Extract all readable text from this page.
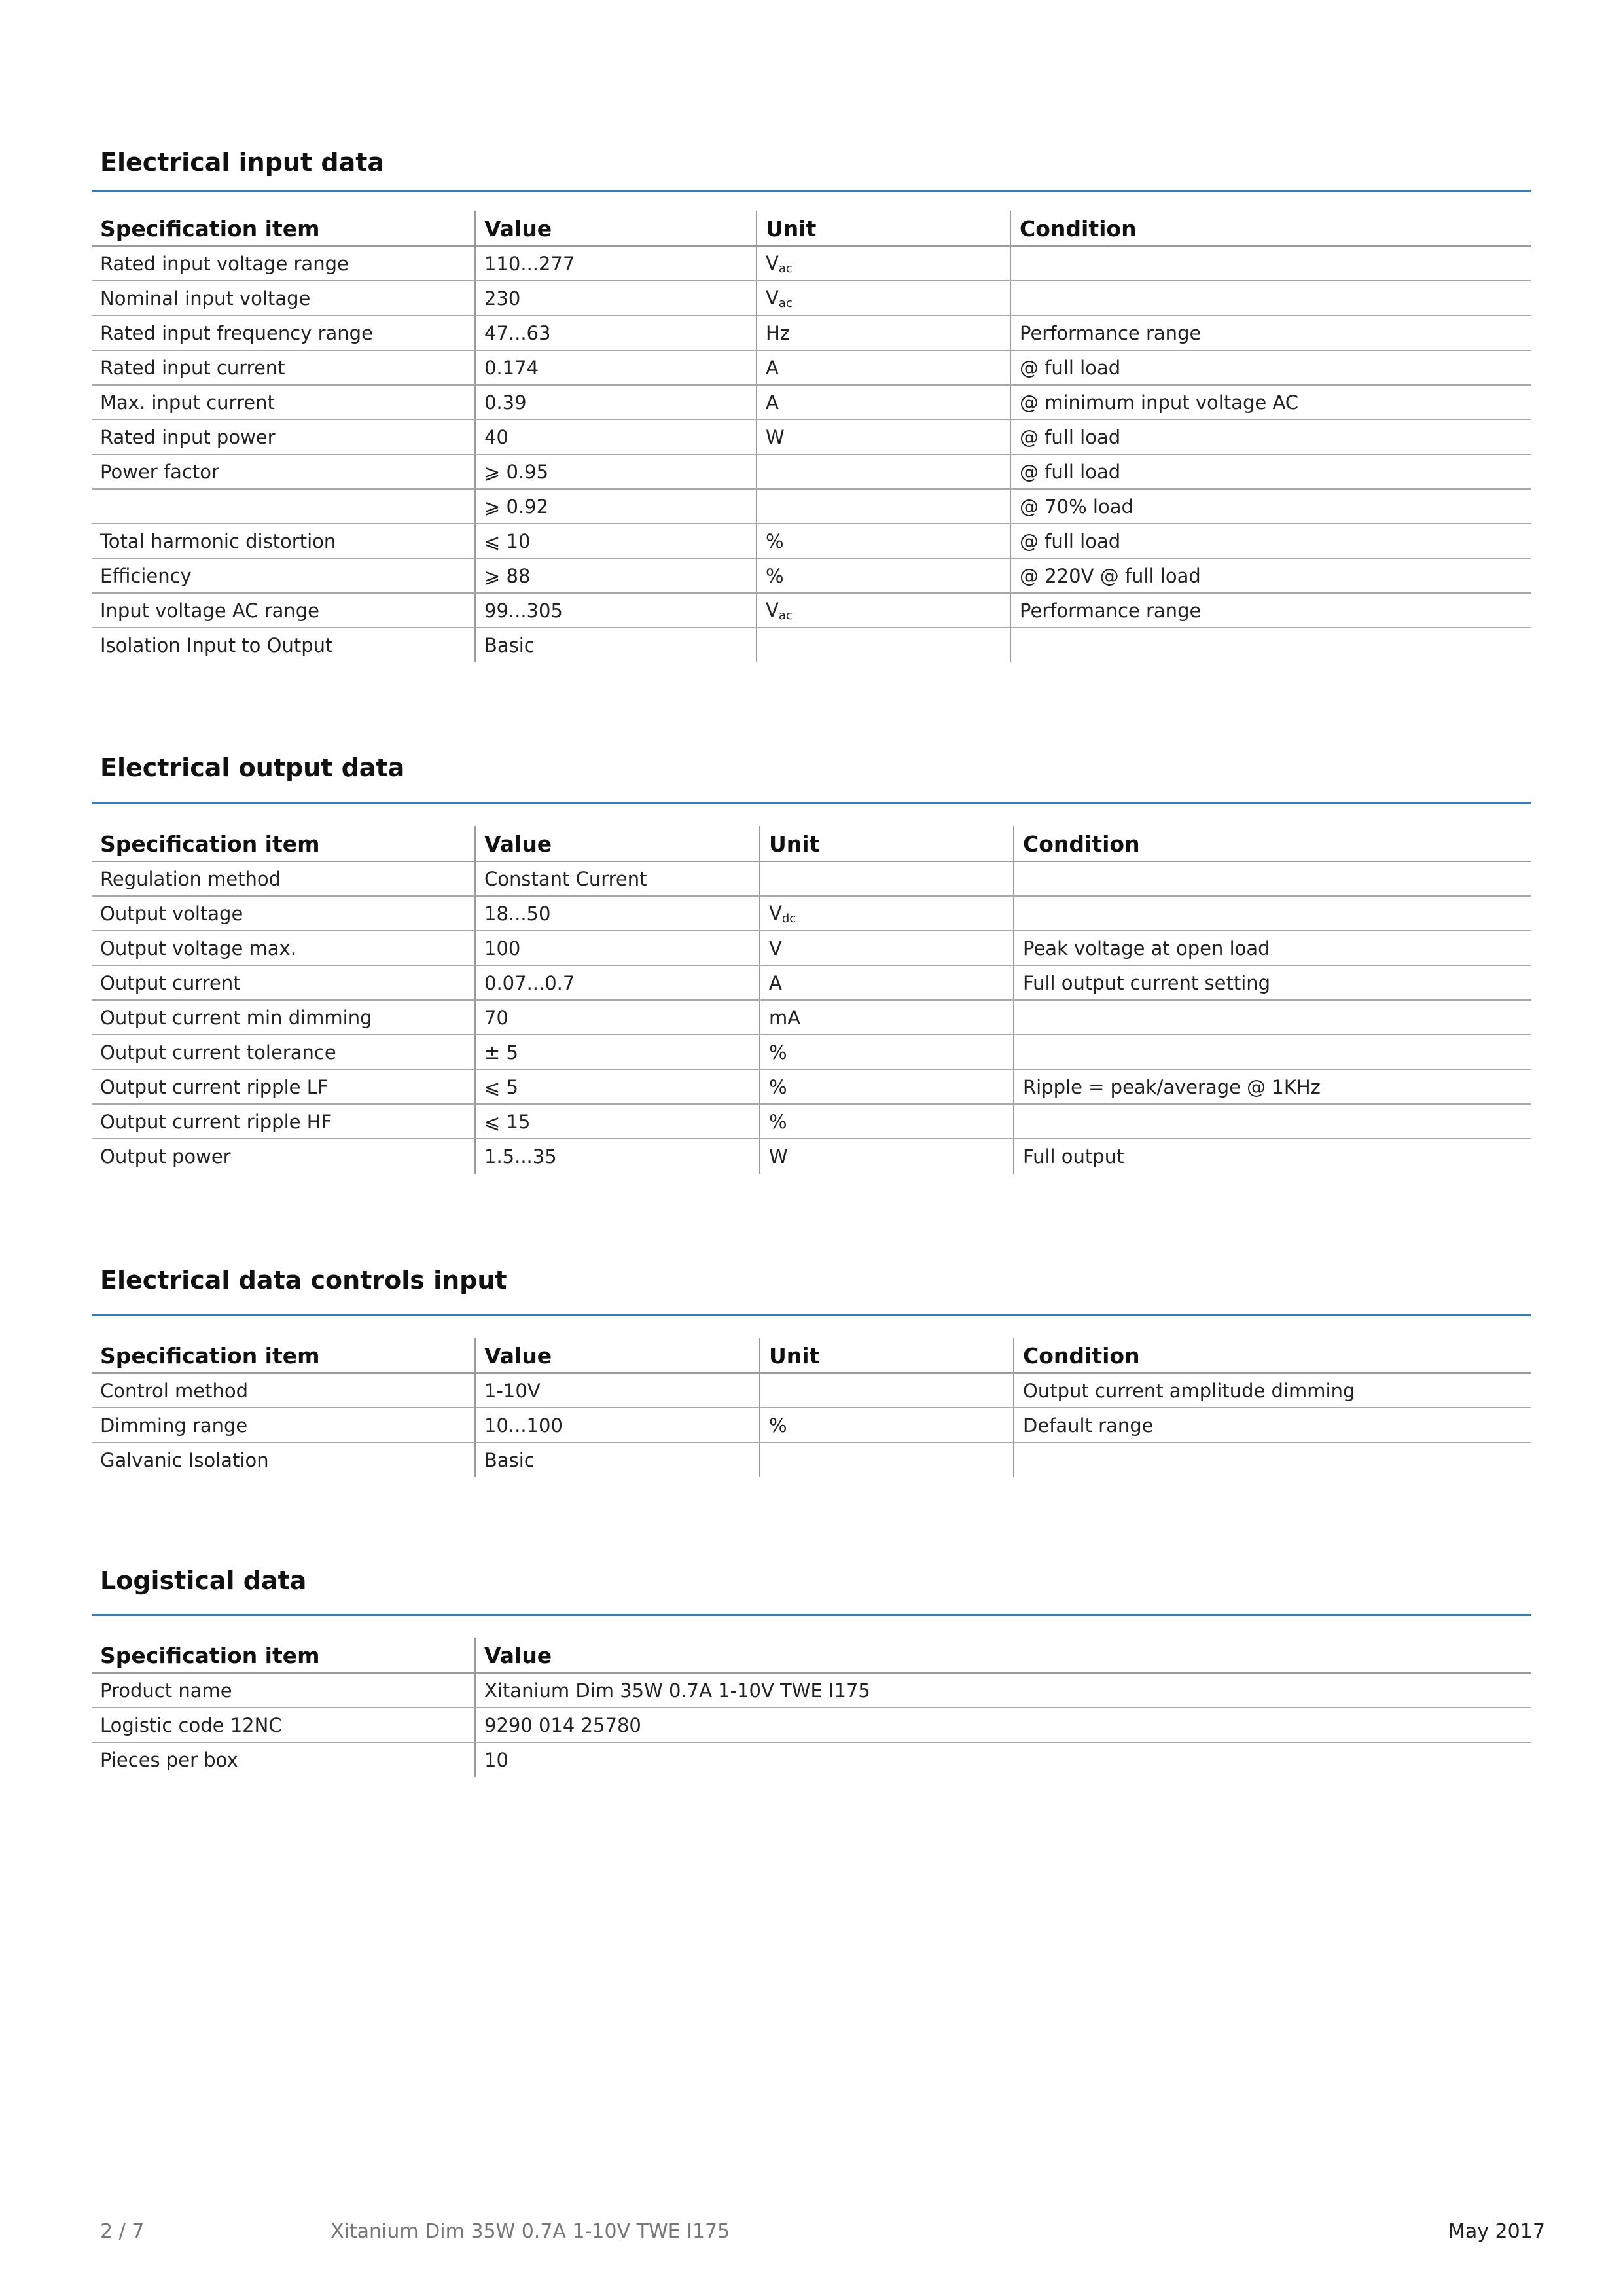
Electrical input data
Specification item	Value	Unit	Condition
Rated input voltage range	110...277	$V_{ac}$	
Nominal input voltage	230	$V_{ac}$	
Rated input frequency range	47...63	Hz	Performance range
Rated input current	0.174	A	@ full load
Max. input current	0.39	A	@ minimum input voltage AC
Rated input power	40	W	@ full load
Power factor	⩾ 0.95		@ full load
	⩾ 0.92		@ 70% load
Total harmonic distortion	⩽ 10	%	@ full load
Efficiency	⩾ 88	%	@ 220V @ full load
Input voltage AC range	99...305	$V_{ac}$	Performance range
Isolation Input to Output	Basic		
Electrical output data
Specification item	Value	Unit	Condition
Regulation method	Constant Current		
Output voltage	18...50	$V_{dc}$	
Output voltage max.	100	V	Peak voltage at open load
Output current	0.07...0.7	A	Full output current setting
Output current min dimming	70	mA	
Output current tolerance	± 5	%	
Output current ripple LF	⩽ 5	%	Ripple = peak/average @ 1KHz
Output current ripple HF	⩽ 15	%	
Output power	1.5...35	W	Full output
Electrical data controls input
Specification item	Value	Unit	Condition
Control method	1-10V		Output current amplitude dimming
Dimming range	10...100	%	Default range
Galvanic Isolation	Basic		
Logistical data
Specification item	Value
Product name	Xitanium Dim 35W 0.7A 1-10V TWE I175
Logistic code 12NC	9290 014 25780
Pieces per box	10
2 / 7	Xitanium Dim 35W 0.7A 1-10V TWE I175	May 2017
